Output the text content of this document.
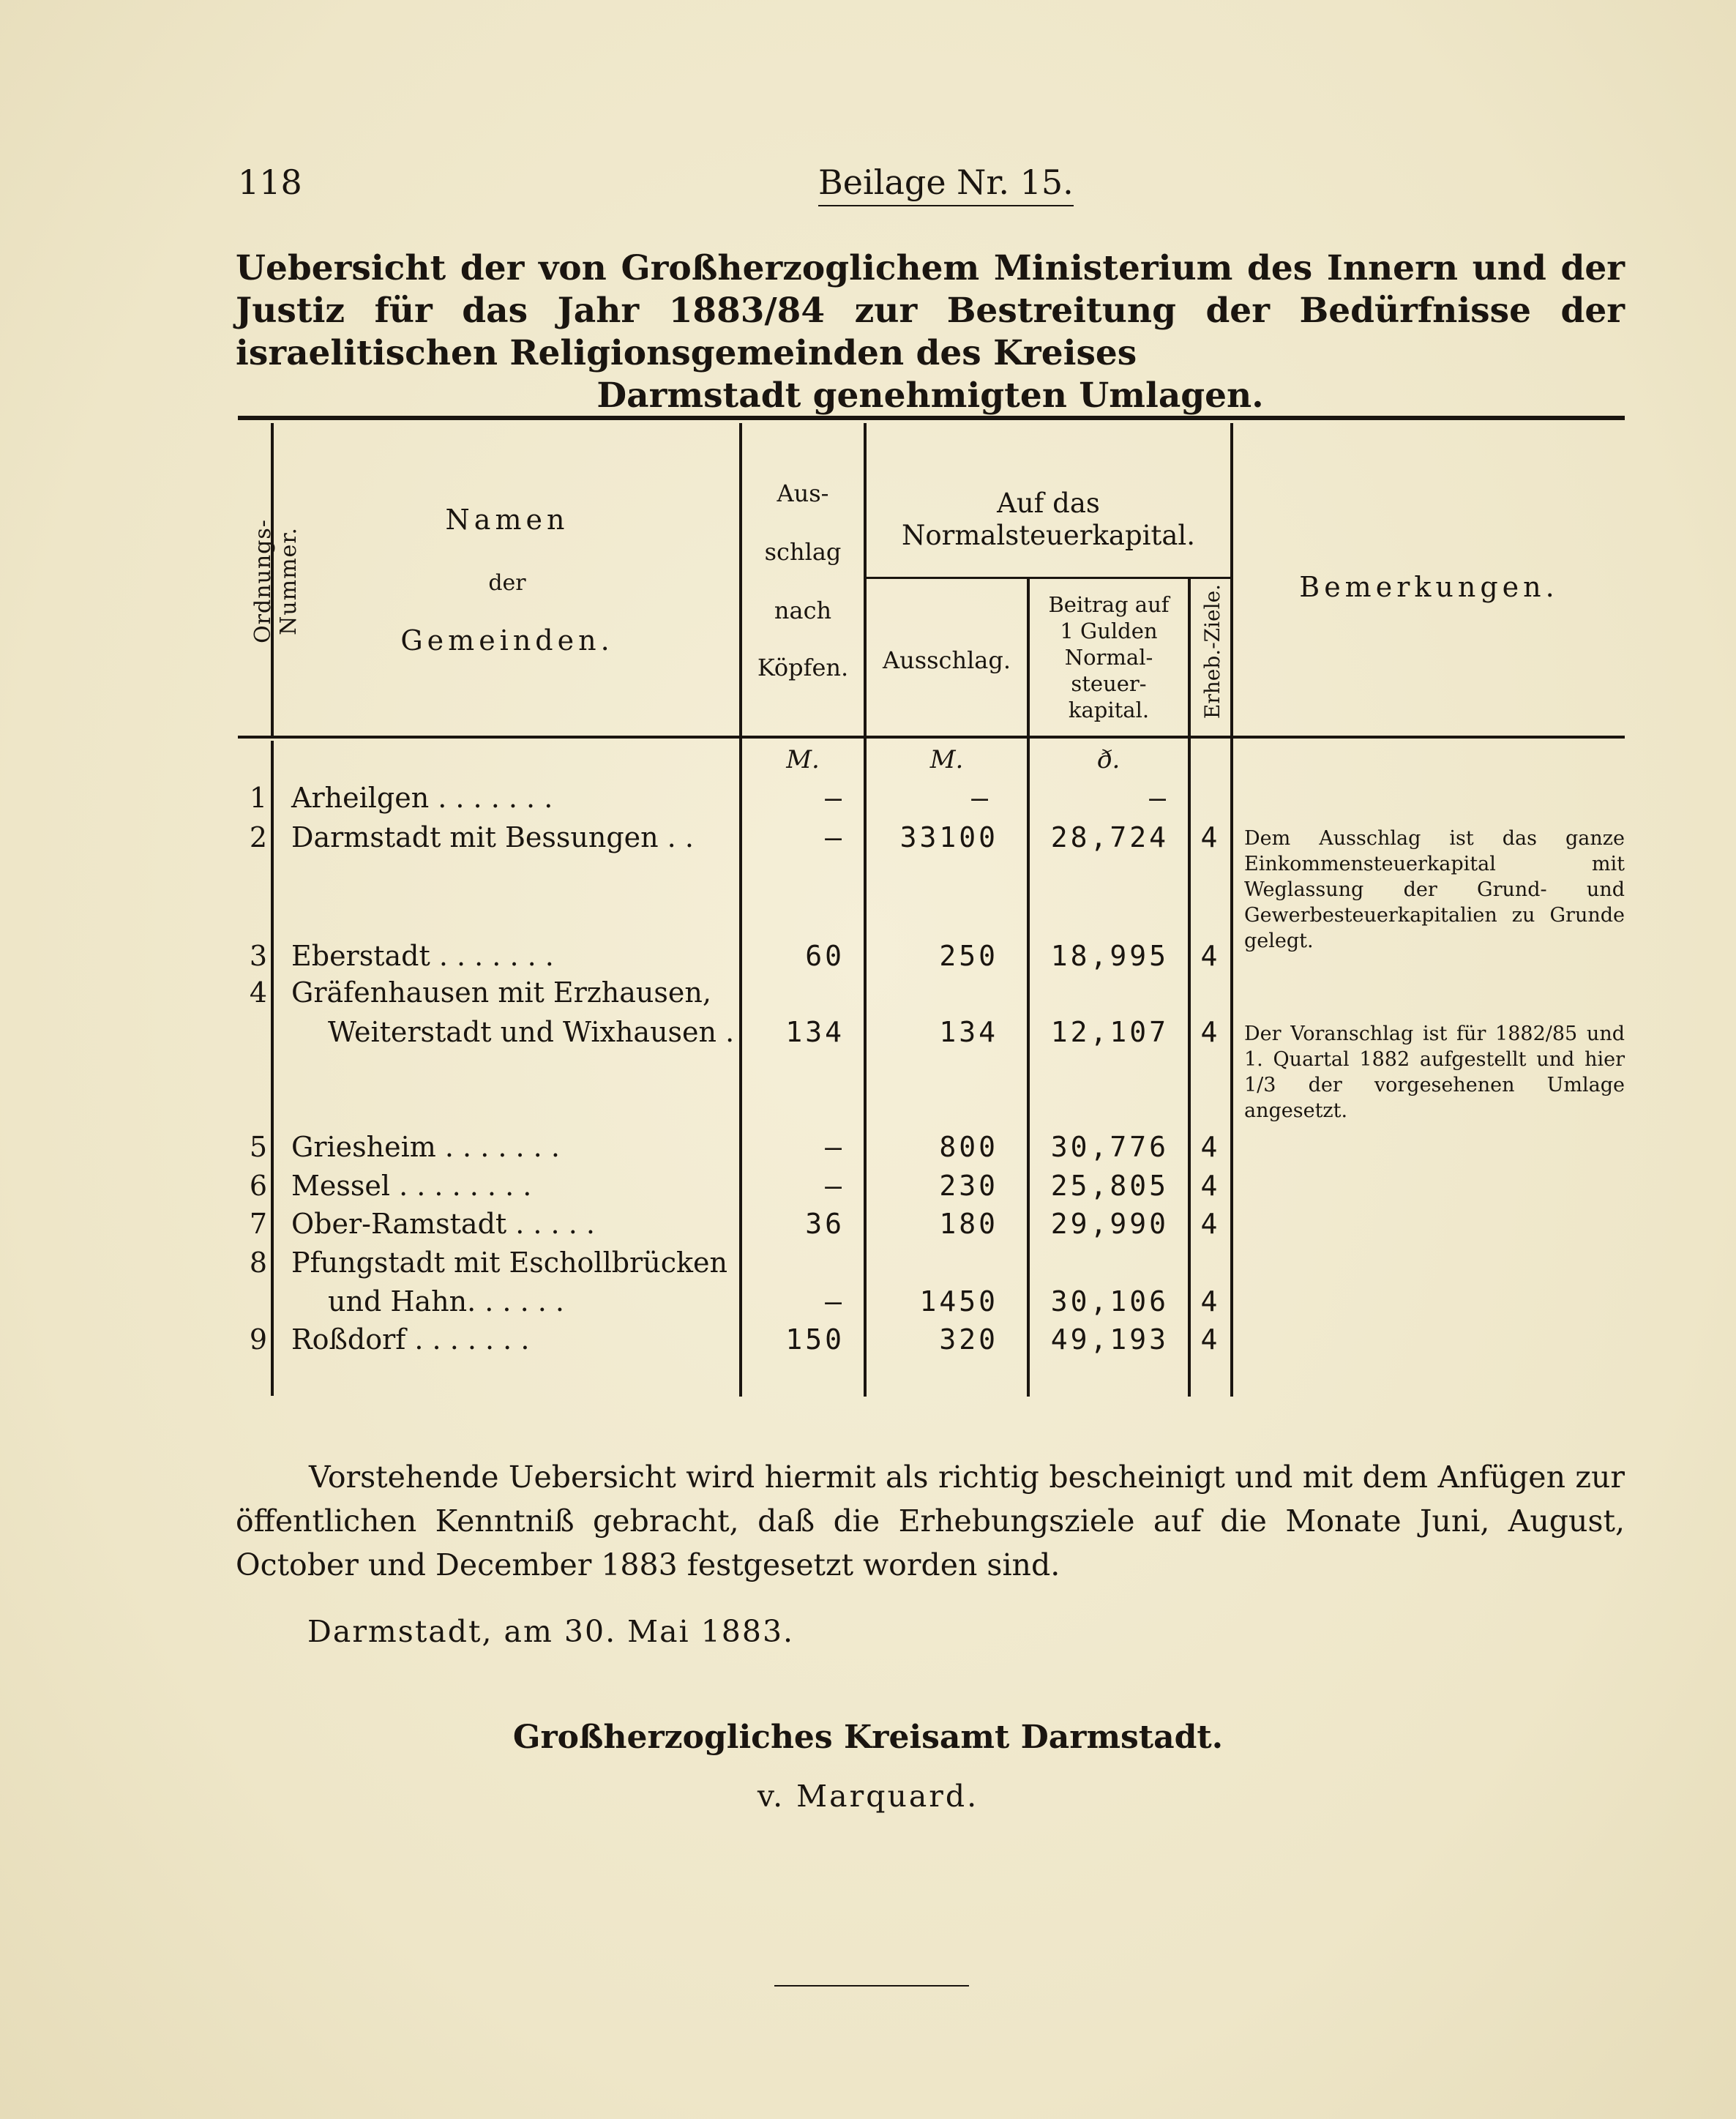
118	Beilage Nr. 15.
Uebersicht der von Großherzoglichem Ministerium des Innern und der Justiz für das Jahr 1883/84 zur Bestreitung der Bedürfnisse der israelitischen Religionsgemeinden des Kreises
Darmstadt genehmigten Umlagen.
Ordnungs-Nummer.
Namen
der
Gemeinden.
Aus-
schlag
nach
Köpfen.
Auf das Normalsteuerkapital.
Ausschlag.
Beitrag auf
1 Gulden
Normal-
steuer-
kapital.	Erheb.-Ziele.	Bemerkungen.
M.	M.	ð.
1 Arheilgen . . . . . . .	—	—	—
2 Darmstadt mit Bessungen . .	—	33100	28,724	4	Dem Ausschlag ist das ganze Einkommensteuerkapital mit Weglassung der Grund- und Gewerbesteuerkapitalien zu Grunde gelegt.
3 Eberstadt . . . . . . .	60	250	18,995	4
4 Gräfenhausen mit Erzhausen,
Weiterstadt und Wixhausen .	134	134	12,107	4	Der Voranschlag ist für 1882/85 und 1. Quartal 1882 aufgestellt und hier 1/3 der vorgesehenen Umlage angesetzt.
5 Griesheim . . . . . . .	—	800	30,776	4
6 Messel . . . . . . . .	—	230	25,805	4
7 Ober-Ramstadt . . . . .	36	180	29,990	4
8 Pfungstadt mit Eschollbrücken
und Hahn. . . . . .	—	1450	30,106	4
9 Roßdorf . . . . . . .	150	320	49,193	4
Vorstehende Uebersicht wird hiermit als richtig bescheinigt und mit dem Anfügen zur öffentlichen Kenntniß gebracht, daß die Erhebungsziele auf die Monate Juni, August, October und December 1883 festgesetzt worden sind.
Darmstadt, am 30. Mai 1883.
Großherzogliches Kreisamt Darmstadt.
v. Marquard.
